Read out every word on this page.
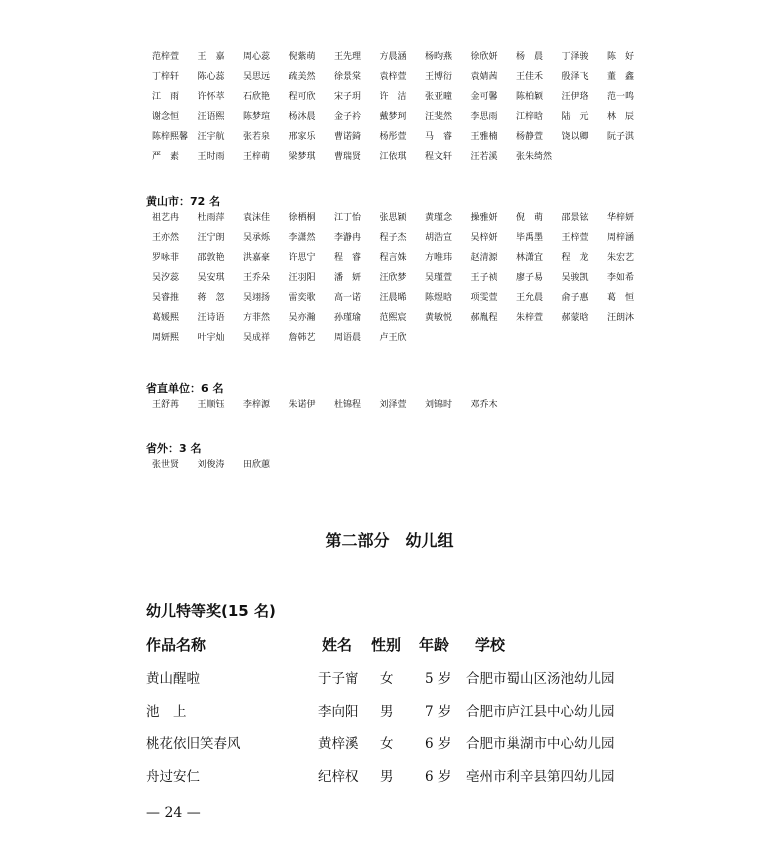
范梓萱 王　嘉 周心蕊 倪紫萌 王先理 方晨涵 杨昀燕 徐欣妍 杨　晨 丁泽骏 陈　好
丁梓轩 陈心蕊 吴思远 疏美然 徐景棠 袁梓萱 王博衍 袁婧茜 王佳禾 殷泽飞 董　鑫
江　雨 许怀萃 石欣艳 程可欣 宋子玥 许　洁 张亚曈 金可馨 陈柏颖 汪伊珞 范一鸣
谢念恒 汪语熙 陈梦瑄 杨沐晨 金子衿 戴梦珂 汪斐然 李思雨 江梓晗 陆　元 林　辰
陈梓熙馨 汪宇航 张若泉 邢家乐 曹诺錡 杨彤萱 马　睿 王雅楠 杨静萱 饶以卿 阮子淇
严　素 王时雨 王梓萌 梁梦琪 曹瑞贤 江依琪 程文轩 汪若溪 张朱绮然
黄山市：72 名
祖艺冉 杜雨萍 袁沫佳 徐栖桐 江丁怡 张思颖 黄瑾念 操雅妍 倪　萌 邵景铉 华梓妍
王亦然 汪宁朗 吴承烁 李潇然 李瀞冉 程子杰 胡浩宣 吴梓妍 毕禹墨 王梓萱 周梓涵
罗咏菲 邵敦艳 洪嘉豪 许思宁 程　睿 程言姝 方唯玮 赵清源 林潇宜 程　龙 朱宏艺
吴汐蕊 吴安琪 王乔朵 汪羽阳 潘　妍 汪欣梦 吴瑾萱 王子祯 廖子易 吴骏凯 李如希
吴睿推 蒋　忽 吴翊扬 雷奕歌 高一诺 汪晨晞 陈煜晗 项雯萱 王允晨 俞子惠 葛　恒
葛媛熙 汪诗语 方菲然 吴亦瀚 孙瑾瑜 范熙宸 黄敏悦 郝胤程 朱梓萱 郝蒙晗 汪朗沐
周妍熙 叶宇灿 吴成祥 詹韩艺 周语晨 卢王欣
省直单位：6 名
王舒苒 王顺钰 李梓源 朱诺伊 杜锦程 刘泽萱 刘锦时 邓乔木
省外：3 名
张世贤 刘俊涛 田欣蕙
第二部分　幼儿组
幼儿特等奖(15 名)
作品名称	姓名 性别 年龄 学校
黄山醒啦	于子甯 女 5 岁 合肥市蜀山区汤池幼儿园
池　上	李向阳 男 7 岁 合肥市庐江县中心幼儿园
桃花依旧笑春风	黄梓溪 女 6 岁 合肥市巢湖市中心幼儿园
舟过安仁	纪梓权 男 6 岁 亳州市利辛县第四幼儿园
— 24 —
